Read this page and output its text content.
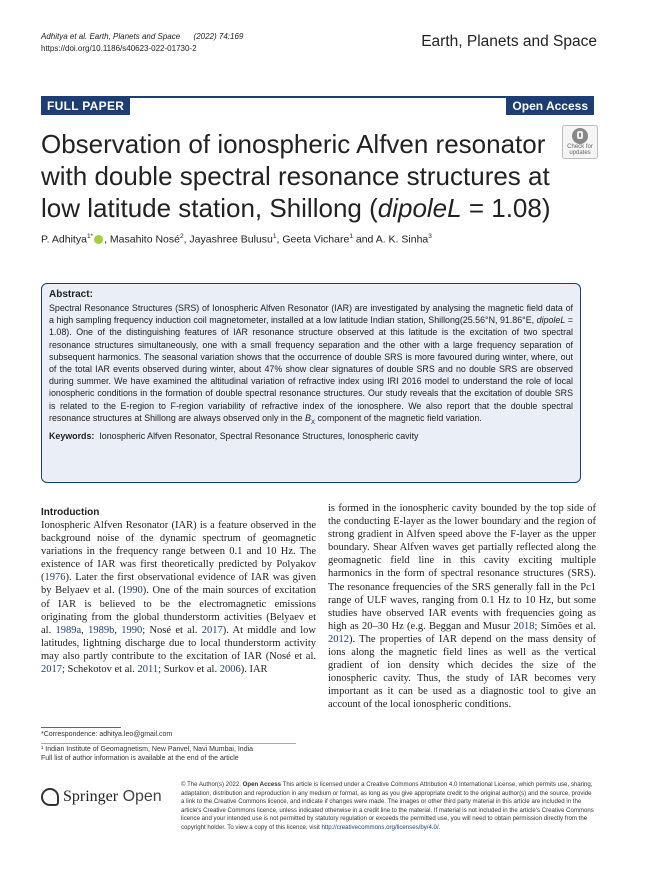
Adhitya et al. Earth, Planets and Space (2022) 74:169
https://doi.org/10.1186/s40623-022-01730-2	Earth, Planets and Space
FULL PAPER	Open Access
Observation of ionospheric Alfven resonator with double spectral resonance structures at low latitude station, Shillong (dipoleL = 1.08)
Check for
updates
P. Adhitya$^{1*}$ , Masahito Nosé$^2$, Jayashree Bulusu$^1$, Geeta Vichare$^1$ and A. K. Sinha$^3$
Abstract:

Spectral Resonance Structures (SRS) of Ionospheric Alfven Resonator (IAR) are investigated by analysing the magnetic field data of a high sampling frequency induction coil magnetometer, installed at a low latitude Indian station, Shillong(25.56°N, 91.86°E, dipoleL = 1.08). One of the distinguishing features of IAR resonance structure observed at this latitude is the excitation of two spectral resonance structures simultaneously, one with a small frequency separation and the other with a large frequency separation of subsequent harmonics. The seasonal variation shows that the occurrence of double SRS is more favoured during winter, where, out of the total IAR events observed during winter, about 47% show clear signatures of double SRS and no double SRS are observed during summer. We have examined the altitudinal variation of refractive index using IRI 2016 model to understand the role of local ionospheric conditions in the formation of double spectral resonance structures. Our study reveals that the excitation of double SRS is related to the E-region to F-region variability of refractive index of the ionosphere. We also report that the double spectral resonance structures at Shillong are always observed only in the $B_X$ component of the magnetic field variation.

Keywords: Ionospheric Alfven Resonator, Spectral Resonance Structures, Ionospheric cavity
Introduction

Ionospheric Alfven Resonator (IAR) is a feature observed in the background noise of the dynamic spectrum of geomagnetic variations in the frequency range between 0.1 and 10 Hz. The existence of IAR was first theoretically predicted by Polyakov (1976). Later the first observational evidence of IAR was given by Belyaev et al. (1990). One of the main sources of excitation of IAR is believed to be the electromagnetic emissions originating from the global thunderstorm activities (Belyaev et al. 1989a, 1989b, 1990; Nosé et al. 2017). At middle and low latitudes, lightning discharge due to local thunderstorm activity may also partly contribute to the excitation of IAR (Nosé et al. 2017; Schekotov et al. 2011; Surkov et al. 2006). IAR

is formed in the ionospheric cavity bounded by the top side of the conducting E-layer as the lower boundary and the region of strong gradient in Alfven speed above the F-layer as the upper boundary. Shear Alfven waves get partially reflected along the geomagnetic field line in this cavity exciting multiple harmonics in the form of spectral resonance structures (SRS). The resonance frequencies of the SRS generally fall in the Pc1 range of ULF waves, ranging from 0.1 Hz to 10 Hz, but some studies have observed IAR events with frequencies going as high as 20–30 Hz (e.g. Beggan and Musur 2018; Simões et al. 2012). The properties of IAR depend on the mass density of ions along the magnetic field lines as well as the vertical gradient of ion density which decides the size of the ionospheric cavity. Thus, the study of IAR becomes very important as it can be used as a diagnostic tool to give an account of the local ionospheric conditions.

*Correspondence: adhitya.leo@gmail.com
¹ Indian Institute of Geomagnetism, New Panvel, Navi Mumbai, India
Full list of author information is available at the end of the article
Springer Open
© The Author(s) 2022. Open Access This article is licensed under a Creative Commons Attribution 4.0 International License, which permits use, sharing, adaptation, distribution and reproduction in any medium or format, as long as you give appropriate credit to the original author(s) and the source, provide a link to the Creative Commons licence, and indicate if changes were made. The images or other third party material in this article are included in the article's Creative Commons licence, unless indicated otherwise in a credit line to the material. If material is not included in the article's Creative Commons licence and your intended use is not permitted by statutory regulation or exceeds the permitted use, you will need to obtain permission directly from the copyright holder. To view a copy of this licence, visit http://creativecommons.org/licenses/by/4.0/.
